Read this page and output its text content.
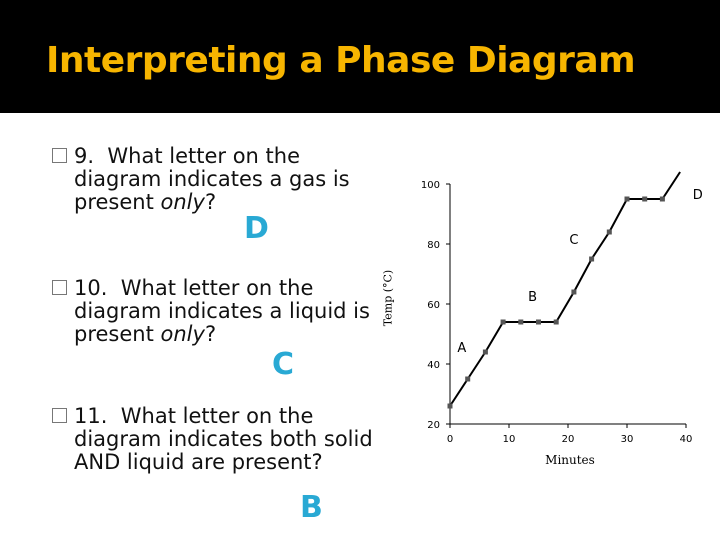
Interpreting a Phase Diagram
9. What letter on the
diagram indicates a gas is present only?
D
10. What letter on the
diagram indicates a liquid is present only?
C
11. What letter on the
diagram indicates both solid AND liquid are present?
B
Temp (°C)
100
80
60
40
20
0	10	20	30	40
A
B
C
D
Minutes
